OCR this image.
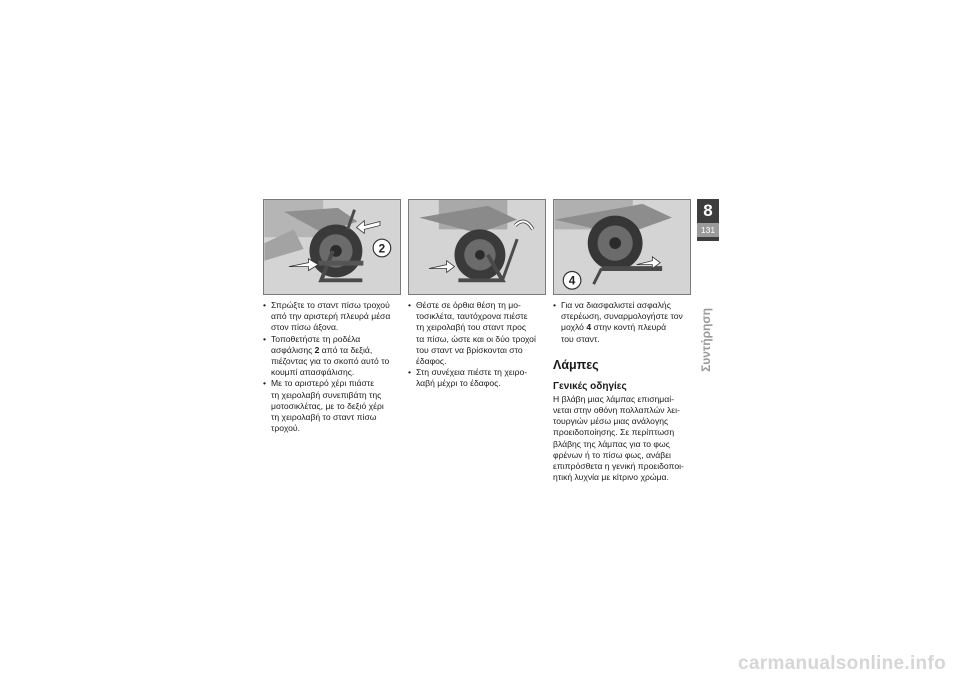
2
4
• Σπρώξτε το σταντ πίσω τροχού
από την αριστερή πλευρά μέσα
στον πίσω άξονα.
• Τοποθετήστε τη ροδέλα
ασφάλισης 2 από τα δεξιά,
πιέζοντας για το σκοπό αυτό το
κουμπί απασφάλισης.
• Με το αριστερό χέρι πιάστε
τη χειρολαβή συνεπιβάτη της
μοτοσικλέτας, με το δεξιό χέρι
τη χειρολαβή το σταντ πίσω
τροχού.
• Θέστε σε όρθια θέση τη μο-
τοσικλέτα, ταυτόχρονα πιέστε
τη χειρολαβή του σταντ προς
τα πίσω, ώστε και οι δύο τροχοί
του σταντ να βρίσκονται στο
έδαφος.
• Στη συνέχεια πιέστε τη χειρο-
λαβή μέχρι το έδαφος.
• Για να διασφαλιστεί ασφαλής
στερέωση, συναρμολογήστε τον
μοχλό 4 στην κοντή πλευρά
του σταντ.
Λάμπες
Γενικές οδηγίες
Η βλάβη μιας λάμπας επισημαί-
νεται στην οθόνη πολλαπλών λει-
τουργιών μέσω μιας ανάλογης
προειδοποίησης. Σε περίπτωση
βλάβης της λάμπας για το φως
φρένων ή το πίσω φως, ανάβει
επιπρόσθετα η γενική προειδοποι-
ητική λυχνία με κίτρινο χρώμα.
8
131
Συντήρηση
carmanualsonline.info
